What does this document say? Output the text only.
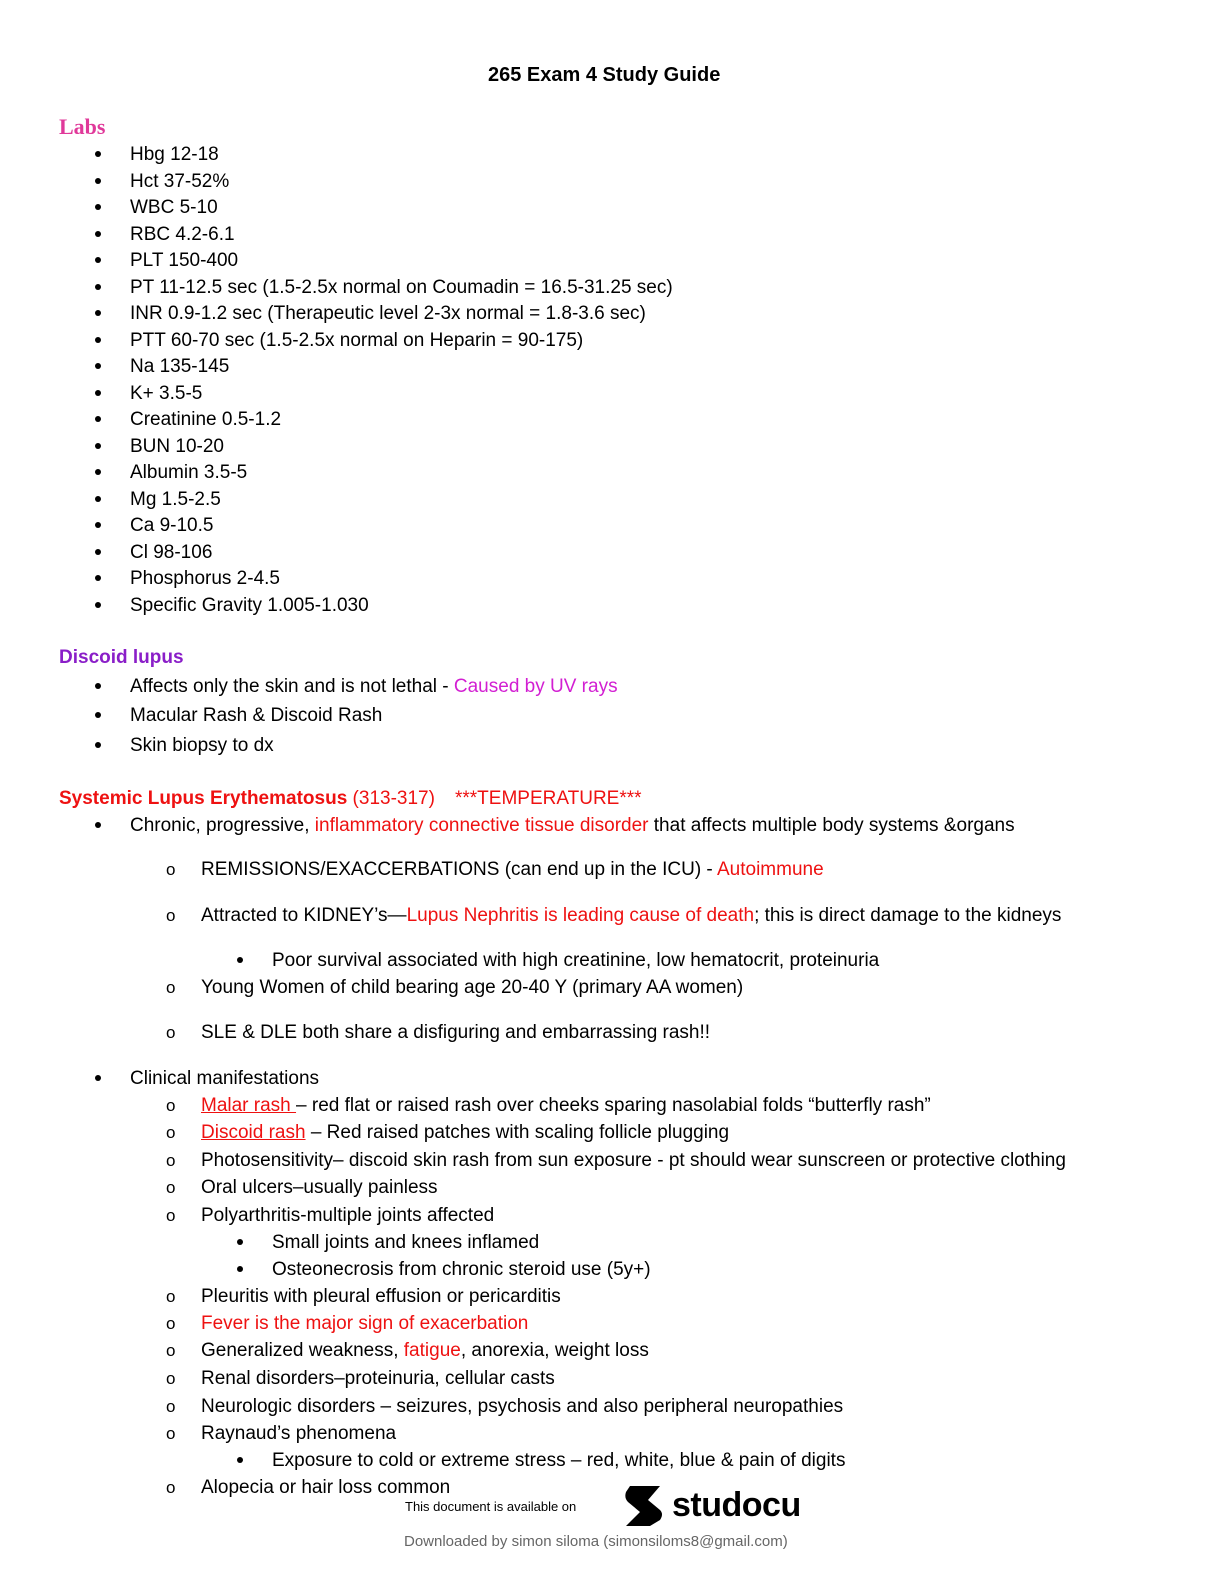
265 Exam 4 Study Guide
Labs
Hbg 12-18
Hct 37-52%
WBC 5-10
RBC 4.2-6.1
PLT 150-400
PT 11-12.5 sec (1.5-2.5x normal on Coumadin = 16.5-31.25 sec)
INR 0.9-1.2 sec (Therapeutic level 2-3x normal = 1.8-3.6 sec)
PTT 60-70 sec (1.5-2.5x normal on Heparin = 90-175)
Na 135-145
K+ 3.5-5
Creatinine 0.5-1.2
BUN 10-20
Albumin 3.5-5
Mg 1.5-2.5
Ca 9-10.5
Cl 98-106
Phosphorus 2-4.5
Specific Gravity 1.005-1.030
Discoid lupus
Affects only the skin and is not lethal - Caused by UV rays
Macular Rash & Discoid Rash
Skin biopsy to dx
Systemic Lupus Erythematosus (313-317) ***TEMPERATURE***
Chronic, progressive, inflammatory connective tissue disorder that affects multiple body systems &organs
o REMISSIONS/EXACCERBATIONS (can end up in the ICU) - Autoimmune
o Attracted to KIDNEY’s—Lupus Nephritis is leading cause of death; this is direct damage to the kidneys
Poor survival associated with high creatinine, low hematocrit, proteinuria
o Young Women of child bearing age 20-40 Y (primary AA women)
o SLE & DLE both share a disfiguring and embarrassing rash!!
Clinical manifestations
o Malar rash – red flat or raised rash over cheeks sparing nasolabial folds “butterfly rash”
o Discoid rash – Red raised patches with scaling follicle plugging
o Photosensitivity– discoid skin rash from sun exposure - pt should wear sunscreen or protective clothing
o Oral ulcers–usually painless
o Polyarthritis-multiple joints affected
Small joints and knees inflamed
Osteonecrosis from chronic steroid use (5y+)
o Pleuritis with pleural effusion or pericarditis
o Fever is the major sign of exacerbation
o Generalized weakness, fatigue, anorexia, weight loss
o Renal disorders–proteinuria, cellular casts
o Neurologic disorders – seizures, psychosis and also peripheral neuropathies
o Raynaud’s phenomena
Exposure to cold or extreme stress – red, white, blue & pain of digits
o Alopecia or hair loss common
This document is available on	studocu
Downloaded by simon siloma (simonsiloms8@gmail.com)
